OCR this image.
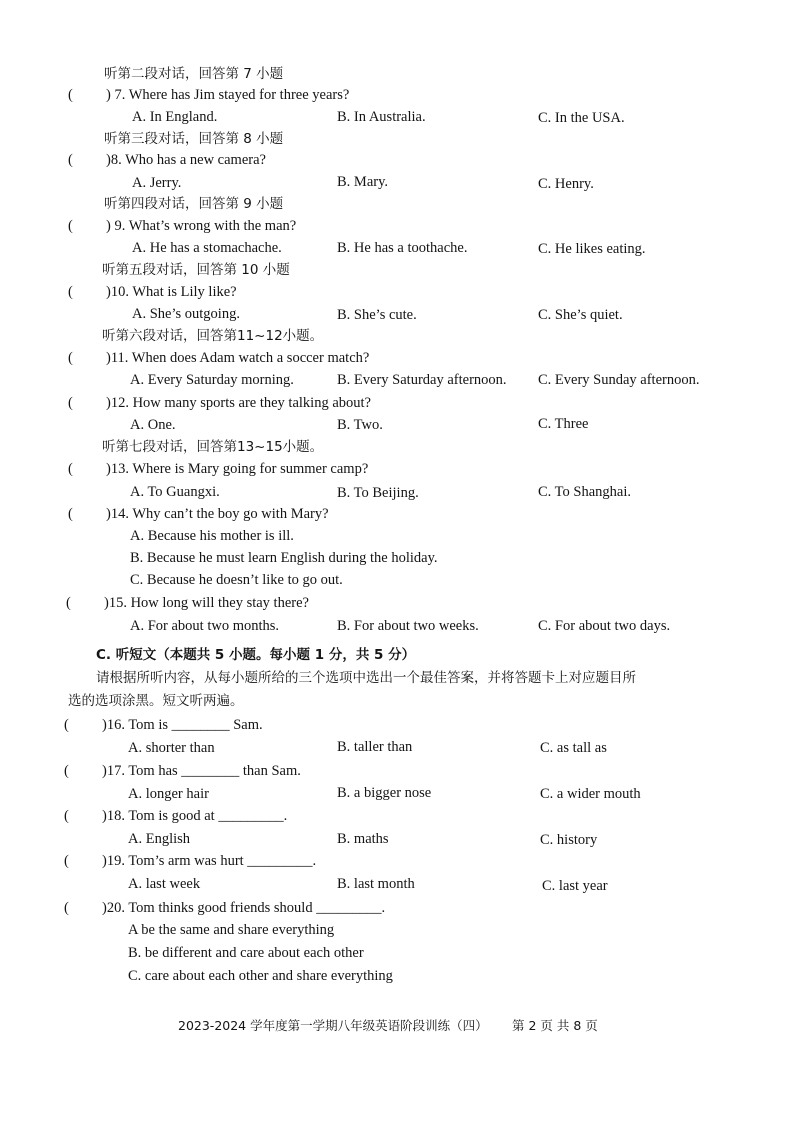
听第二段对话，回答第 7 小题
( ) 7. Where has Jim stayed for three years?
A. In England.	B. In Australia.	C. In the USA.
听第三段对话，回答第 8 小题
( )8. Who has a new camera?
A. Jerry.	B. Mary.	C. Henry.
听第四段对话，回答第 9 小题
( ) 9. What’s wrong with the man?
A. He has a stomachache.	B. He has a toothache.	C. He likes eating.
听第五段对话，回答第 10 小题
( )10. What is Lily like?
A. She’s outgoing.	B. She’s cute.	C. She’s quiet.
听第六段对话，回答第11~12小题。
( )11. When does Adam watch a soccer match?
A. Every Saturday morning.	B. Every Saturday afternoon. C. Every Sunday afternoon.
( )12. How many sports are they talking about?
A. One.	B. Two.	C. Three
听第七段对话，回答第13~15小题。
( )13. Where is Mary going for summer camp?
A. To Guangxi.	B. To Beijing.	C. To Shanghai.
( )14. Why can’t the boy go with Mary?
A. Because his mother is ill.
B. Because he must learn English during the holiday.
C. Because he doesn’t like to go out.
( )15. How long will they stay there?
A. For about two months.	B. For about two weeks.	C. For about two days.
C. 听短文（本题共 5 小题。每小题 1 分，共 5 分）
请根据所听内容，从每小题所给的三个选项中选出一个最佳答案，并将答题卡上对应题目所
选的选项涂黑。短文听两遍。
( )16. Tom is ________ Sam.
A. shorter than	B. taller than	C. as tall as
( )17. Tom has ________ than Sam.
A. longer hair	B. a bigger nose	C. a wider mouth
( )18. Tom is good at _________.
A. English	B. maths	C. history
( )19. Tom’s arm was hurt _________.
A. last week	B. last month	C. last year
( )20. Tom thinks good friends should _________.
A be the same and share everything
B. be different and care about each other
C. care about each other and share everything
2023-2024 学年度第一学期八年级英语阶段训练（四） 第 2 页 共 8 页
